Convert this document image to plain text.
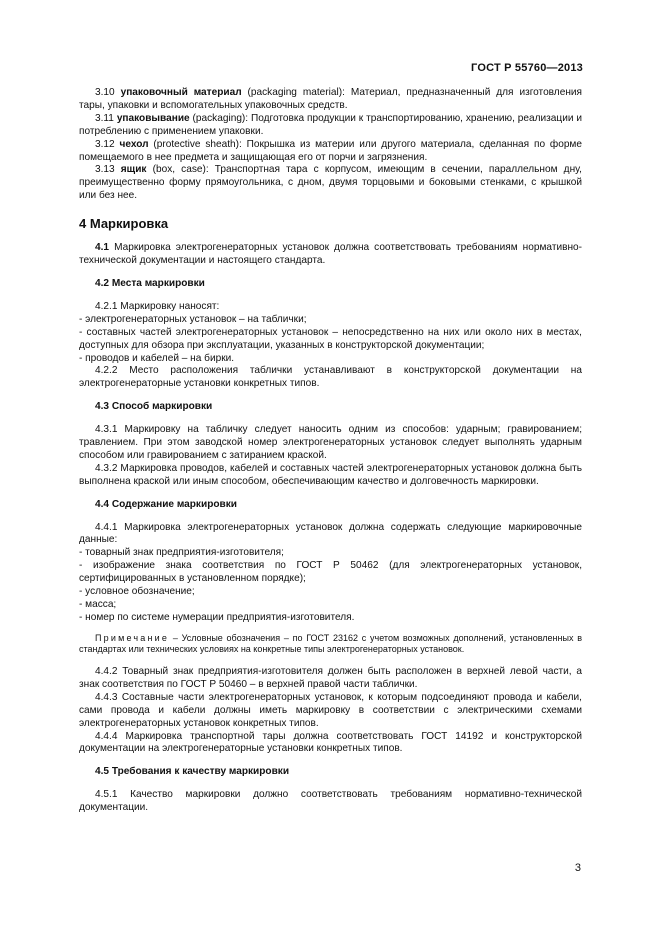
ГОСТ Р 55760—2013

3.10 упаковочный материал (packaging material): Материал, предназначенный для изготовления тары, упаковки и вспомогательных упаковочных средств.

3.11 упаковывание (packaging): Подготовка продукции к транспортированию, хранению, реализации и потреблению с применением упаковки.

3.12 чехол (protective sheath): Покрышка из материи или другого материала, сделанная по форме помещаемого в нее предмета и защищающая его от порчи и загрязнения.

3.13 ящик (box, case): Транспортная тара с корпусом, имеющим в сечении, параллельном дну, преимущественно форму прямоугольника, с дном, двумя торцовыми и боковыми стенками, с крышкой или без нее.

4 Маркировка

4.1 Маркировка электрогенераторных установок должна соответствовать требованиям нормативно-технической документации и настоящего стандарта.

4.2 Места маркировки

4.2.1 Маркировку наносят:

- электрогенераторных установок – на таблички;

- составных частей электрогенераторных установок – непосредственно на них или около них в местах, доступных для обзора при эксплуатации, указанных в конструкторской документации;

- проводов и кабелей – на бирки.

4.2.2 Место расположения таблички устанавливают в конструкторской документации на электрогенераторные установки конкретных типов.

4.3 Способ маркировки

4.3.1 Маркировку на табличку следует наносить одним из способов: ударным; гравированием; травлением. При этом заводской номер электрогенераторных установок следует выполнять ударным способом или гравированием с затиранием краской.

4.3.2 Маркировка проводов, кабелей и составных частей электрогенераторных установок должна быть выполнена краской или иным способом, обеспечивающим качество и долговечность маркировки.

4.4 Содержание маркировки

4.4.1 Маркировка электрогенераторных установок должна содержать следующие маркировочные данные:

- товарный знак предприятия-изготовителя;

- изображение знака соответствия по ГОСТ Р 50462 (для электрогенераторных установок, сертифицированных в установленном порядке);

- условное обозначение;

- масса;

- номер по системе нумерации предприятия-изготовителя.

Примечание – Условные обозначения – по ГОСТ 23162 с учетом возможных дополнений, установленных в стандартах или технических условиях на конкретные типы электрогенераторных установок.

4.4.2 Товарный знак предприятия-изготовителя должен быть расположен в верхней левой части, а знак соответствия по ГОСТ Р 50460 – в верхней правой части таблички.

4.4.3 Составные части электрогенераторных установок, к которым подсоединяют провода и кабели, сами провода и кабели должны иметь маркировку в соответствии с электрическими схемами электрогенераторных установок конкретных типов.

4.4.4 Маркировка транспортной тары должна соответствовать ГОСТ 14192 и конструкторской документации на электрогенераторные установки конкретных типов.

4.5 Требования к качеству маркировки

4.5.1 Качество маркировки должно соответствовать требованиям нормативно-технической документации.

3
